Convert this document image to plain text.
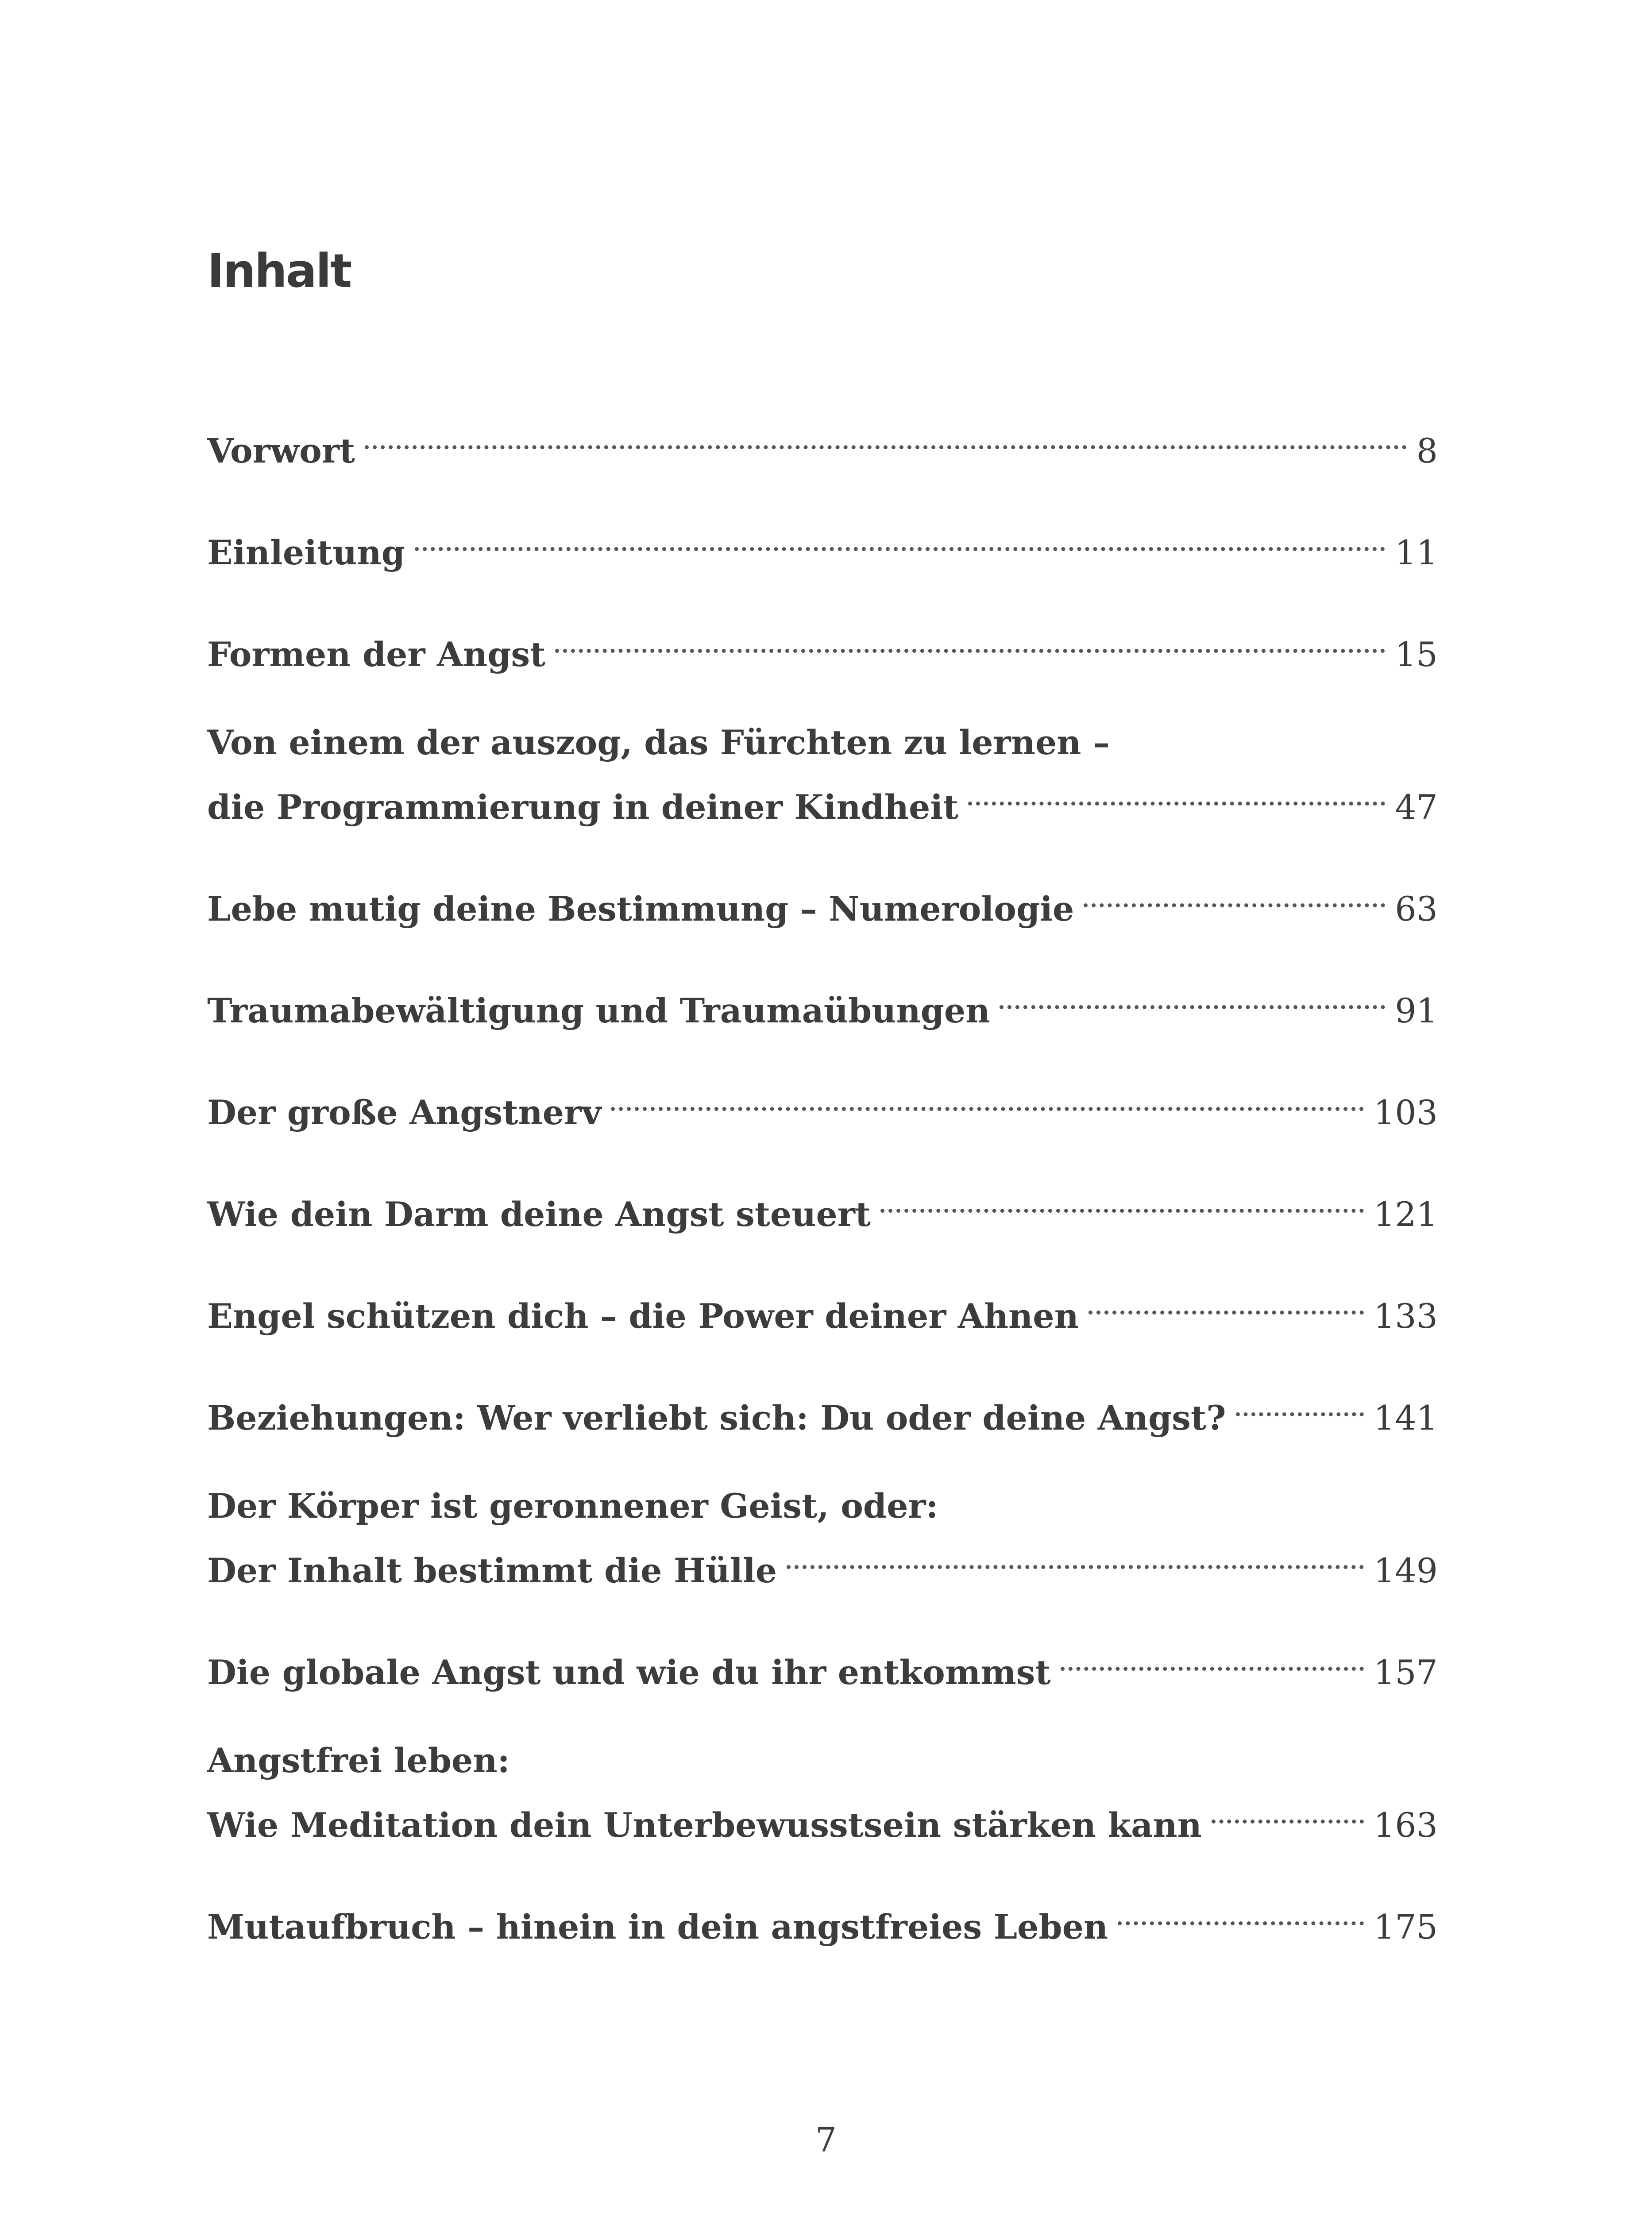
Inhalt
Vorwort	8
Einleitung	11
Formen der Angst	15
Von einem der auszog, das Fürchten zu lernen –
die Programmierung in deiner Kindheit	47
Lebe mutig deine Bestimmung – Numerologie	63
Traumabewältigung und Traumaübungen	91
Der große Angstnerv	103
Wie dein Darm deine Angst steuert	121
Engel schützen dich – die Power deiner Ahnen	133
Beziehungen: Wer verliebt sich: Du oder deine Angst?	141
Der Körper ist geronnener Geist, oder:
Der Inhalt bestimmt die Hülle	149
Die globale Angst und wie du ihr entkommst	157
Angstfrei leben:
Wie Meditation dein Unterbewusstsein stärken kann	163
Mutaufbruch – hinein in dein angstfreies Leben	175

7
